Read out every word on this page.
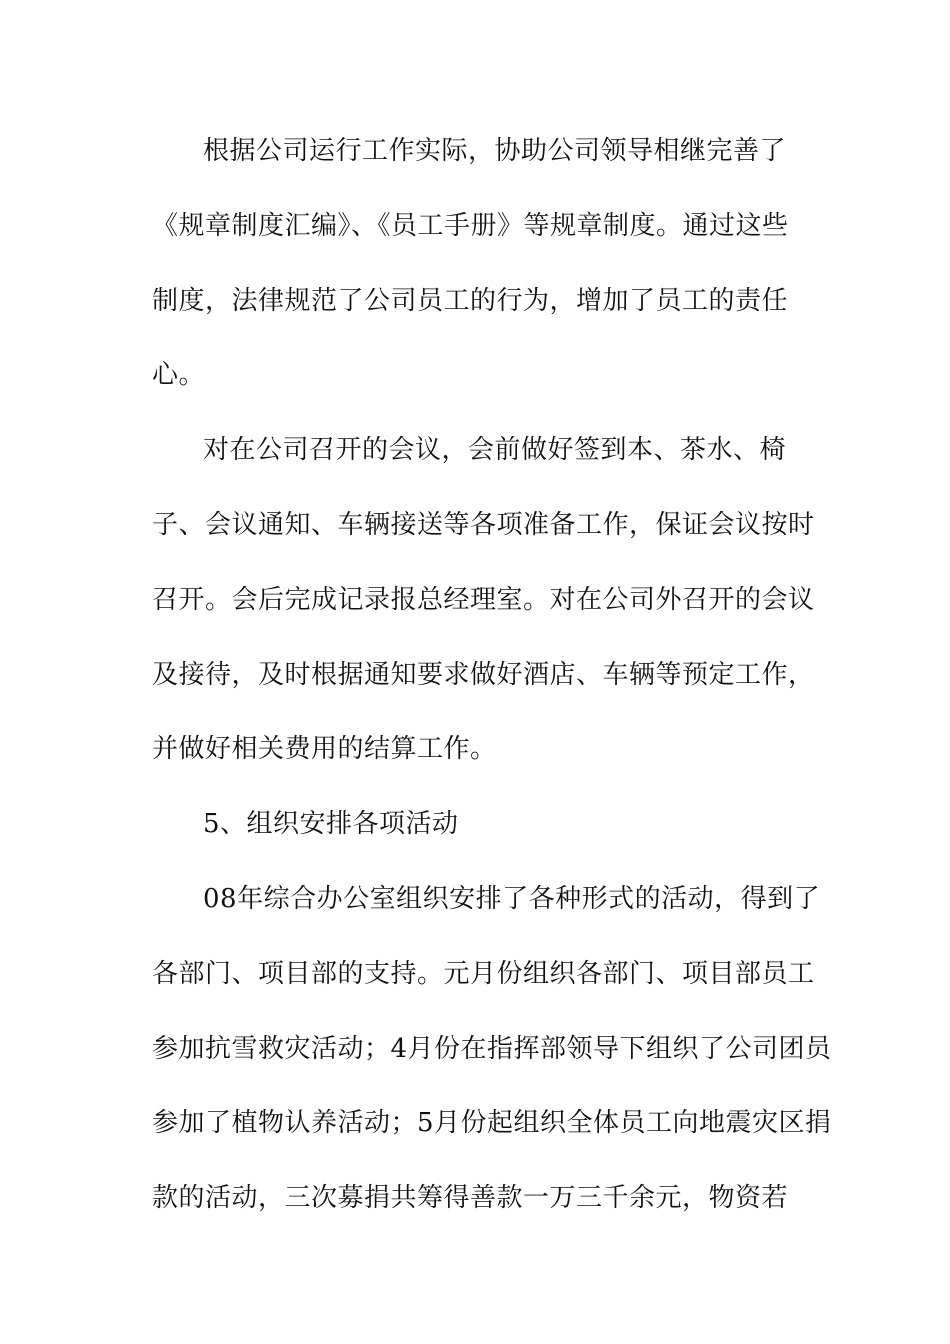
根据公司运行工作实际，协助公司领导相继完善了
《规章制度汇编》、《员工手册》等规章制度。通过这些
制度，法律规范了公司员工的行为，增加了员工的责任
心。
对在公司召开的会议，会前做好签到本、茶水、椅
子、会议通知、车辆接送等各项准备工作，保证会议按时
召开。会后完成记录报总经理室。对在公司外召开的会议
及接待，及时根据通知要求做好酒店、车辆等预定工作，
并做好相关费用的结算工作。
5、组织安排各项活动
08年综合办公室组织安排了各种形式的活动，得到了
各部门、项目部的支持。元月份组织各部门、项目部员工
参加抗雪救灾活动；4月份在指挥部领导下组织了公司团员
参加了植物认养活动；5月份起组织全体员工向地震灾区捐
款的活动，三次募捐共筹得善款一万三千余元，物资若
